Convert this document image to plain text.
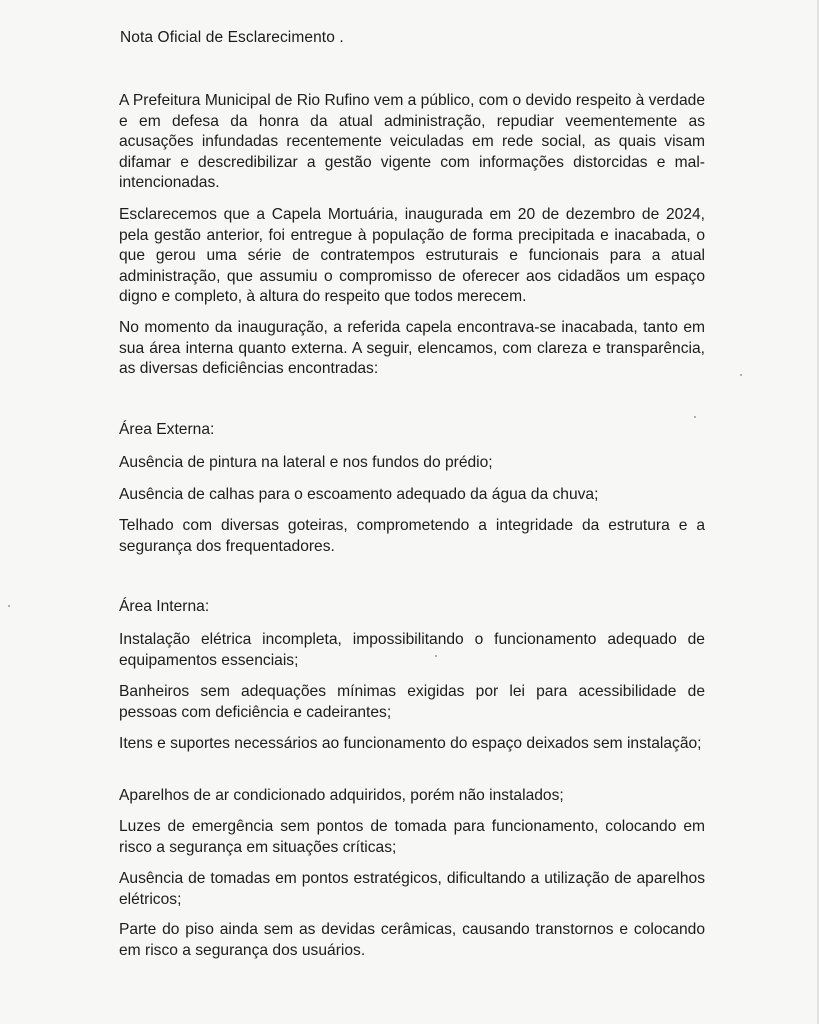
Nota Oficial de Esclarecimento .

A Prefeitura Municipal de Rio Rufino vem a público, com o devido respeito à verdade e em defesa da honra da atual administração, repudiar veementemente as acusações infundadas recentemente veiculadas em rede social, as quais visam difamar e descredibilizar a gestão vigente com informações distorcidas e mal-intencionadas.

Esclarecemos que a Capela Mortuária, inaugurada em 20 de dezembro de 2024, pela gestão anterior, foi entregue à população de forma precipitada e inacabada, o que gerou uma série de contratempos estruturais e funcionais para a atual administração, que assumiu o compromisso de oferecer aos cidadãos um espaço digno e completo, à altura do respeito que todos merecem.

No momento da inauguração, a referida capela encontrava-se inacabada, tanto em sua área interna quanto externa. A seguir, elencamos, com clareza e transparência, as diversas deficiências encontradas:

Área Externa:

Ausência de pintura na lateral e nos fundos do prédio;

Ausência de calhas para o escoamento adequado da água da chuva;

Telhado com diversas goteiras, comprometendo a integridade da estrutura e a segurança dos frequentadores.

Área Interna:

Instalação elétrica incompleta, impossibilitando o funcionamento adequado de equipamentos essenciais;

Banheiros sem adequações mínimas exigidas por lei para acessibilidade de pessoas com deficiência e cadeirantes;

Itens e suportes necessários ao funcionamento do espaço deixados sem instalação;

Aparelhos de ar condicionado adquiridos, porém não instalados;

Luzes de emergência sem pontos de tomada para funcionamento, colocando em risco a segurança em situações críticas;

Ausência de tomadas em pontos estratégicos, dificultando a utilização de aparelhos elétricos;

Parte do piso ainda sem as devidas cerâmicas, causando transtornos e colocando em risco a segurança dos usuários.
